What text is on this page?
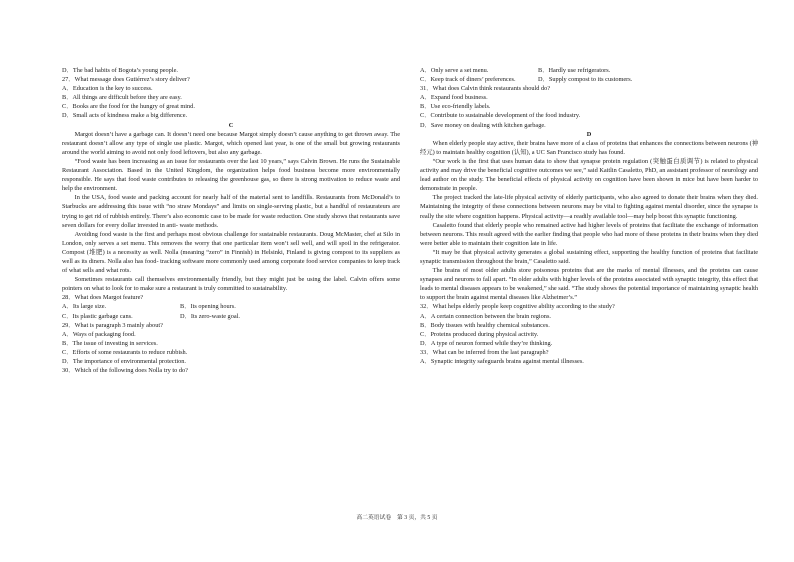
D．The bad habits of Bogota’s young people.

27．What message does Gutiérrez’s story deliver?

A．Education is the key to success.

B．All things are difficult before they are easy.

C．Books are the food for the hungry of great mind.

D．Small acts of kindness make a big difference.

C

Margot doesn’t have a garbage can. It doesn’t need one because Margot simply doesn’t cause anything to get thrown away. The restaurant doesn’t allow any type of single use plastic. Margot, which opened last year, is one of the small but growing restaurants around the world aiming to avoid not only food leftovers, but also any garbage.

“Food waste has been increasing as an issue for restaurants over the last 10 years,” says Calvin Brown. He runs the Sustainable Restaurant Association. Based in the United Kingdom, the organization helps food business become more environmentally responsible. He says that food waste contributes to releasing the greenhouse gas, so there is strong motivation to reduce waste and help the environment.

In the USA, food waste and packing account for nearly half of the material sent to landfills. Restaurants from McDonald’s to Starbucks are addressing this issue with “no straw Mondays” and limits on single-serving plastic, but a handful of restaurateurs are trying to get rid of rubbish entirely. There’s also economic case to be made for waste reduction. One study shows that restaurants save seven dollars for every dollar invested in anti- waste methods.

Avoiding food waste is the first and perhaps most obvious challenge for sustainable restaurants. Doug McMaster, chef at Silo in London, only serves a set menu. This removes the worry that one particular item won’t sell well, and will spoil in the refrigerator. Compost (堆肥) is a necessity as well. Nolla (meaning “zero” in Finnish) in Helsinki, Finland is giving compost to its suppliers as well as its diners. Nolla also has food- tracking software more commonly used among corporate food service companies to keep track of what sells and what rots.

Sometimes restaurants call themselves environmentally friendly, but they might just be using the label. Calvin offers some pointers on what to look for to make sure a restaurant is truly committed to sustainability.

28．What does Margot feature?

A．Its large size.	B．Its opening hours.
C．Its plastic garbage cans.	D．Its zero-waste goal.

29．What is paragraph 3 mainly about?

A．Ways of packaging food.

B．The issue of investing in services.

C．Efforts of some restaurants to reduce rubbish.

D．The importance of environmental protection.

30．Which of the following does Nolla try to do?

A．Only serve a set menu.	B．Hardly use refrigerators.
C．Keep track of diners’ preferences.	D．Supply compost to its customers.

31．What does Calvin think restaurants should do?

A．Expand food business.

B．Use eco-friendly labels.

C．Contribute to sustainable development of the food industry.

D．Save money on dealing with kitchen garbage.

D

When elderly people stay active, their brains have more of a class of proteins that enhances the connections between neurons (神经元) to maintain healthy cognition (认知), a UC San Francisco study has found.

“Our work is the first that uses human data to show that synapse protein regulation (突触蛋白质调节) is related to physical activity and may drive the beneficial cognitive outcomes we see,” said Kaitlin Casaletto, PhD, an assistant professor of neurology and lead author on the study. The beneficial effects of physical activity on cognition have been shown in mice but have been harder to demonstrate in people.

The project tracked the late-life physical activity of elderly participants, who also agreed to donate their brains when they died. Maintaining the integrity of these connections between neurons may be vital to fighting against mental disorder, since the synapse is really the site where cognition happens. Physical activity—a readily available tool—may help boost this synaptic functioning.

Casaletto found that elderly people who remained active had higher levels of proteins that facilitate the exchange of information between neurons. This result agreed with the earlier finding that people who had more of these proteins in their brains when they died were better able to maintain their cognition late in life.

“It may be that physical activity generates a global sustaining effect, supporting the healthy function of proteins that facilitate synaptic transmission throughout the brain,” Casaletto said.

The brains of most older adults store poisonous proteins that are the marks of mental illnesses, and the proteins can cause synapses and neurons to fall apart. “In older adults with higher levels of the proteins associated with synaptic integrity, this effect that leads to mental diseases appears to be weakened,” she said. “The study shows the potential importance of maintaining synaptic health to support the brain against mental diseases like Alzheimer’s.”

32．What helps elderly people keep cognitive ability according to the study?

A．A certain connection between the brain regions.

B．Body tissues with healthy chemical substances.

C．Proteins produced during physical activity.

D．A type of neuron formed while they’re thinking.

33．What can be inferred from the last paragraph?

A．Synaptic integrity safeguards brains against mental illnesses.

高二英语试卷　第 3 页，共 5 页
